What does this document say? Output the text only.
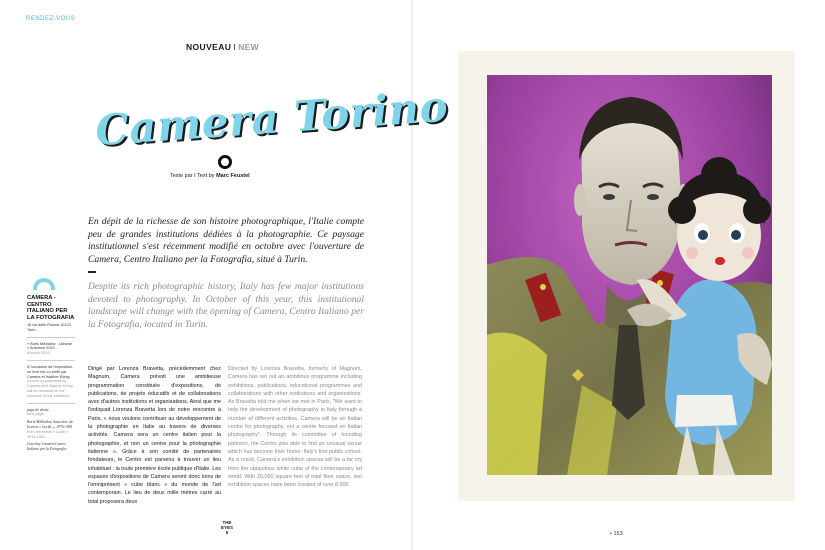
RENDEZ-VOUS
NOUVEAU I NEW
Camera Torino
Texte par I Text by Marc Feustel
En dépit de la richesse de son histoire photographique, l'Italie compte peu de grandes institutions dédiées à la photographie. Ce paysage institutionnel s'est récemment modifié en octobre avec l'ouverture de Camera, Centro Italiano per la Fotografia, situé à Turin.
Despite its rich photographic history, Italy has few major institutions devoted to photography. In October of this year, this institutional landscape will change with the opening of Camera, Centro Italiano per la Fotografia, located in Turin.
CAMERA - CENTRO ITALIANO PER LA FOTOGRAFIA
18 via delle Rosine 10123 Turin
« Boris Mikhailov : Ukraine » Automne 2015
Autumn 2015
À l'occasion de l'exposition, un livre est co-édité par Camera et Walther König.
A book co-published by Camera and Walther König will be released on the occasion of the exhibition.
page de droite
next page
Boris Mikhailov, Sans titre, de la série « Luriki », 1976-1981
from the series « Luriki », 1976-1981
Courtesy Camera-Centro Italiano per la Fotografia
Dirigé par Lorenza Bravetta, précédemment chez Magnum, Camera prévoit une ambitieuse programmation constituée d'expositions, de publications, de projets éducatifs et de collaborations avec d'autres institutions et organisations. Ainsi que me l'indiquait Lorenza Bravetta lors de notre rencontre à Paris, « nous voulons contribuer au développement de la photographie en Italie au travers de diverses activités. Camera sera un centre italien pour la photographie, et non un centre pour la photographie italienne ». Grâce à son comité de partenaires fondateurs, le Centro est parvenu à trouver un lieu inhabituel : la toute première école publique d'Italie. Les espaces d'expositions de Camera seront donc loins de l'omniprésent « cube blanc » du monde de l'art contemporain. Le lieu de deux mille mètres carré au total proposera deux
Directed by Lorenza Bravetta, formerly of Magnum, Camera has set out an ambitious programme including exhibitions, publications, educational programmes and collaborations with other institutions and organizations. As Bravetta told me when we met in Paris, "We want to help the development of photography in Italy through a number of different activities. Camera will be an Italian centre for photography, not a centre focused on Italian photography". Through its committee of founding partners, the Centro was able to find an unusual venue which has become their home: Italy's first public school. As a result, Camera's exhibition spaces will be a far cry from the ubiquitous white cube of the contemporary art world. With 20,000 square feet of total floor space, two exhibition spaces have been created of over 8,000
THE
EYES
5	• 153
